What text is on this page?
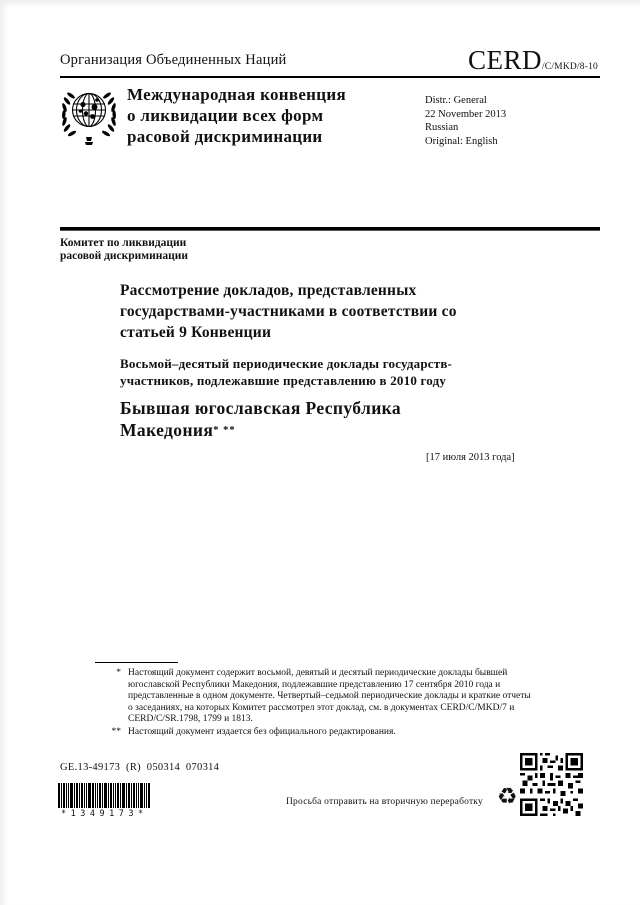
Организация Объединенных Наций	CERD /C/MKD/8-10
Международная конвенция
о ликвидации всех форм
расовой дискриминации
Distr.: General
22 November 2013
Russian
Original: English
Комитет по ликвидации
расовой дискриминации
Рассмотрение докладов, представленных
государствами-участниками в соответствии со
статьей 9 Конвенции
Восьмой–десятый периодические доклады государств-
участников, подлежавшие представлению в 2010 году
Бывшая югославская Республика
Македония* **
[17 июля 2013 года]
* Настоящий документ содержит восьмой, девятый и десятый периодические доклады бывшей югославской Республики Македония, подлежавшие представлению 17 сентября 2010 года и представленные в одном документе. Четвертый–седьмой периодические доклады и краткие отчеты о заседаниях, на которых Комитет рассмотрел этот доклад, см. в документах CERD/C/MKD/7 и CERD/C/SR.1798, 1799 и 1813.
** Настоящий документ издается без официального редактирования.
GE.13-49173  (R)  050314  070314
*1349173*
Просьба отправить на вторичную переработку ♻
